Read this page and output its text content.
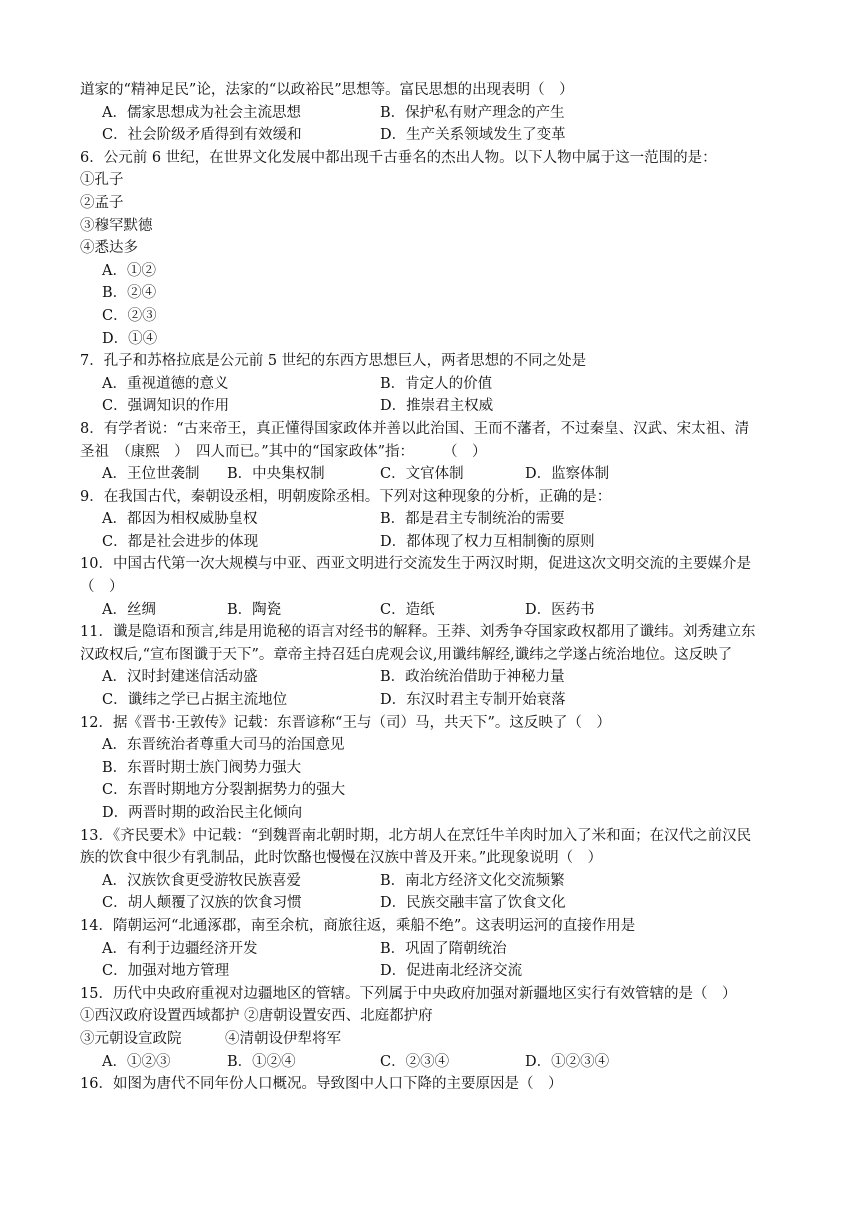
道家的“精神足民”论，法家的“以政裕民”思想等。富民思想的出现表明（　）
A．儒家思想成为社会主流思想	B．保护私有财产理念的产生
C．社会阶级矛盾得到有效缓和	D．生产关系领域发生了变革
6．公元前 6 世纪，在世界文化发展中都出现千古垂名的杰出人物。以下人物中属于这一范围的是：
①孔子
②孟子
③穆罕默德
④悉达多
A．①②
B．②④
C．②③
D．①④
7．孔子和苏格拉底是公元前 5 世纪的东西方思想巨人，两者思想的不同之处是
A．重视道德的意义	B．肯定人的价值
C．强调知识的作用	D．推崇君主权威
8．有学者说：“古来帝王，真正懂得国家政体并善以此治国、王而不藩者，不过秦皇、汉武、宋太祖、清
圣祖　（康熙　）　四人而已。”其中的“国家政体”指：　　　（　）
A．王位世袭制 B．中央集权制	C．文官体制	D．监察体制
9．在我国古代，秦朝设丞相，明朝废除丞相。下列对这种现象的分析，正确的是：
A．都因为相权威胁皇权	B．都是君主专制统治的需要
C．都是社会进步的体现	D．都体现了权力互相制衡的原则
10．中国古代第一次大规模与中亚、西亚文明进行交流发生于两汉时期，促进这次文明交流的主要媒介是
（　）
A．丝绸	B．陶瓷	C．造纸	D．医药书
11．谶是隐语和预言,纬是用诡秘的语言对经书的解释。王莽、刘秀争夺国家政权都用了谶纬。刘秀建立东
汉政权后,“宣布图谶于天下”。章帝主持召廷白虎观会议,用谶纬解经,谶纬之学遂占统治地位。这反映了
A．汉时封建迷信活动盛	B．政治统治借助于神秘力量
C．谶纬之学已占据主流地位	D．东汉时君主专制开始衰落
12．据《晋书·王敦传》记载：东晋谚称“王与（司）马，共天下”。这反映了（　）
A．东晋统治者尊重大司马的治国意见
B．东晋时期士族门阀势力强大
C．东晋时期地方分裂割据势力的强大
D．两晋时期的政治民主化倾向
13．《齐民要术》中记载：“到魏晋南北朝时期，北方胡人在烹饪牛羊肉时加入了米和面；在汉代之前汉民
族的饮食中很少有乳制品，此时饮酪也慢慢在汉族中普及开来。”此现象说明（　）
A．汉族饮食更受游牧民族喜爱	B．南北方经济文化交流频繁
C．胡人颠覆了汉族的饮食习惯	D．民族交融丰富了饮食文化
14．隋朝运河“北通涿郡，南至余杭，商旅往返，乘船不绝”。这表明运河的直接作用是
A．有利于边疆经济开发	B．巩固了隋朝统治
C．加强对地方管理	D．促进南北经济交流
15．历代中央政府重视对边疆地区的管辖。下列属于中央政府加强对新疆地区实行有效管辖的是（　）
①西汉政府设置西域都护 ②唐朝设置安西、北庭都护府
③元朝设宣政院　　　④清朝设伊犁将军
A．①②③	B．①②④	C．②③④	D．①②③④
16．如图为唐代不同年份人口概况。导致图中人口下降的主要原因是（　）
